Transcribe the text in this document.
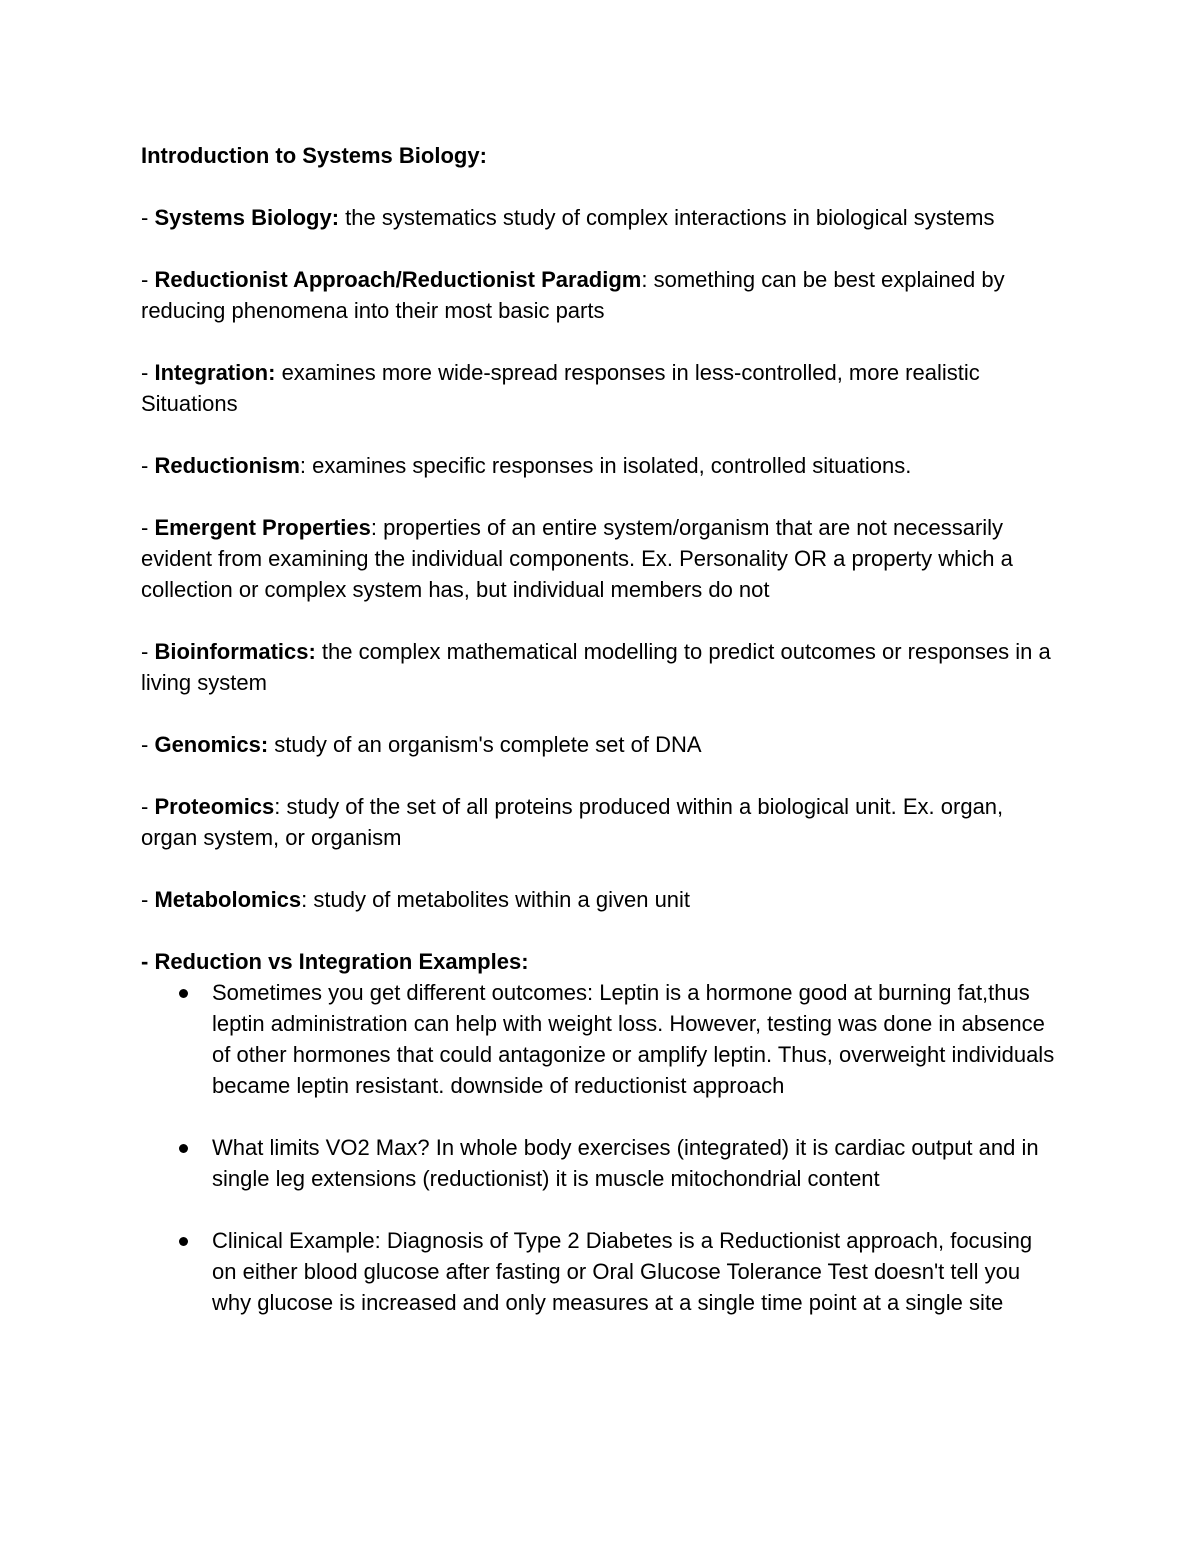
Introduction to Systems Biology:
- Systems Biology: the systematics study of complex interactions in biological systems
- Reductionist Approach/Reductionist Paradigm: something can be best explained by reducing phenomena into their most basic parts
- Integration: examines more wide-spread responses in less-controlled, more realistic Situations
- Reductionism: examines specific responses in isolated, controlled situations.
- Emergent Properties: properties of an entire system/organism that are not necessarily evident from examining the individual components. Ex. Personality OR a property which a collection or complex system has, but individual members do not
- Bioinformatics: the complex mathematical modelling to predict outcomes or responses in a living system
- Genomics: study of an organism's complete set of DNA
- Proteomics: study of the set of all proteins produced within a biological unit. Ex. organ, organ system, or organism
- Metabolomics: study of metabolites within a given unit
- Reduction vs Integration Examples:
Sometimes you get different outcomes: Leptin is a hormone good at burning fat,thus leptin administration can help with weight loss. However, testing was done in absence of other hormones that could antagonize or amplify leptin. Thus, overweight individuals became leptin resistant. downside of reductionist approach
What limits VO2 Max? In whole body exercises (integrated) it is cardiac output and in single leg extensions (reductionist) it is muscle mitochondrial content
Clinical Example: Diagnosis of Type 2 Diabetes is a Reductionist approach, focusing on either blood glucose after fasting or Oral Glucose Tolerance Test doesn't tell you why glucose is increased and only measures at a single time point at a single site
